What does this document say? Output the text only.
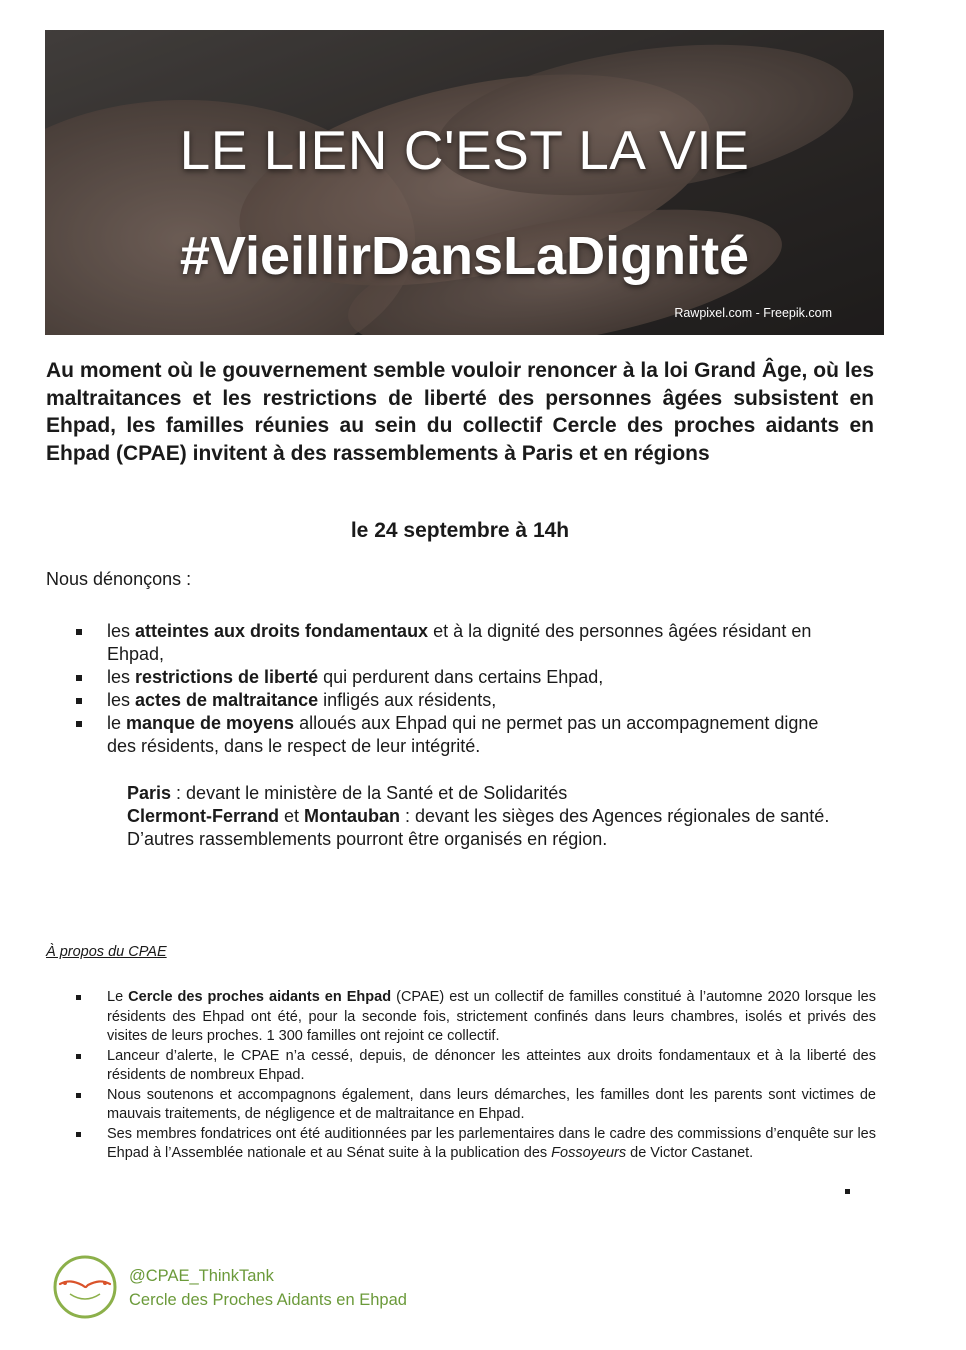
LE LIEN C'EST LA VIE
#VieillirDansLaDignité
Rawpixel.com - Freepik.com

Au moment où le gouvernement semble vouloir renoncer à la loi Grand Âge, où les maltraitances et les restrictions de liberté des personnes âgées subsistent en Ehpad, les familles réunies au sein du collectif Cercle des proches aidants en Ehpad (CPAE) invitent à des rassemblements à Paris et en régions

le 24 septembre à 14h
Nous dénonçons :
les atteintes aux droits fondamentaux et à la dignité des personnes âgées résidant en Ehpad,
les restrictions de liberté qui perdurent dans certains Ehpad,
les actes de maltraitance infligés aux résidents,
le manque de moyens alloués aux Ehpad qui ne permet pas un accompagnement digne des résidents, dans le respect de leur intégrité.
Paris : devant le ministère de la Santé et de Solidarités
Clermont-Ferrand et Montauban : devant les sièges des Agences régionales de santé.
D’autres rassemblements pourront être organisés en région.
À propos du CPAE
Le Cercle des proches aidants en Ehpad (CPAE) est un collectif de familles constitué à l’automne 2020 lorsque les résidents des Ehpad ont été, pour la seconde fois, strictement confinés dans leurs chambres, isolés et privés des visites de leurs proches. 1 300 familles ont rejoint ce collectif.
Lanceur d’alerte, le CPAE n’a cessé, depuis, de dénoncer les atteintes aux droits fondamentaux et à la liberté des résidents de nombreux Ehpad.
Nous soutenons et accompagnons également, dans leurs démarches, les familles dont les parents sont victimes de mauvais traitements, de négligence et de maltraitance en Ehpad.
Ses membres fondatrices ont été auditionnées par les parlementaires dans le cadre des commissions d’enquête sur les Ehpad à l’Assemblée nationale et au Sénat suite à la publication des Fossoyeurs de Victor Castanet.
@CPAE_ThinkTank
Cercle des Proches Aidants en Ehpad
